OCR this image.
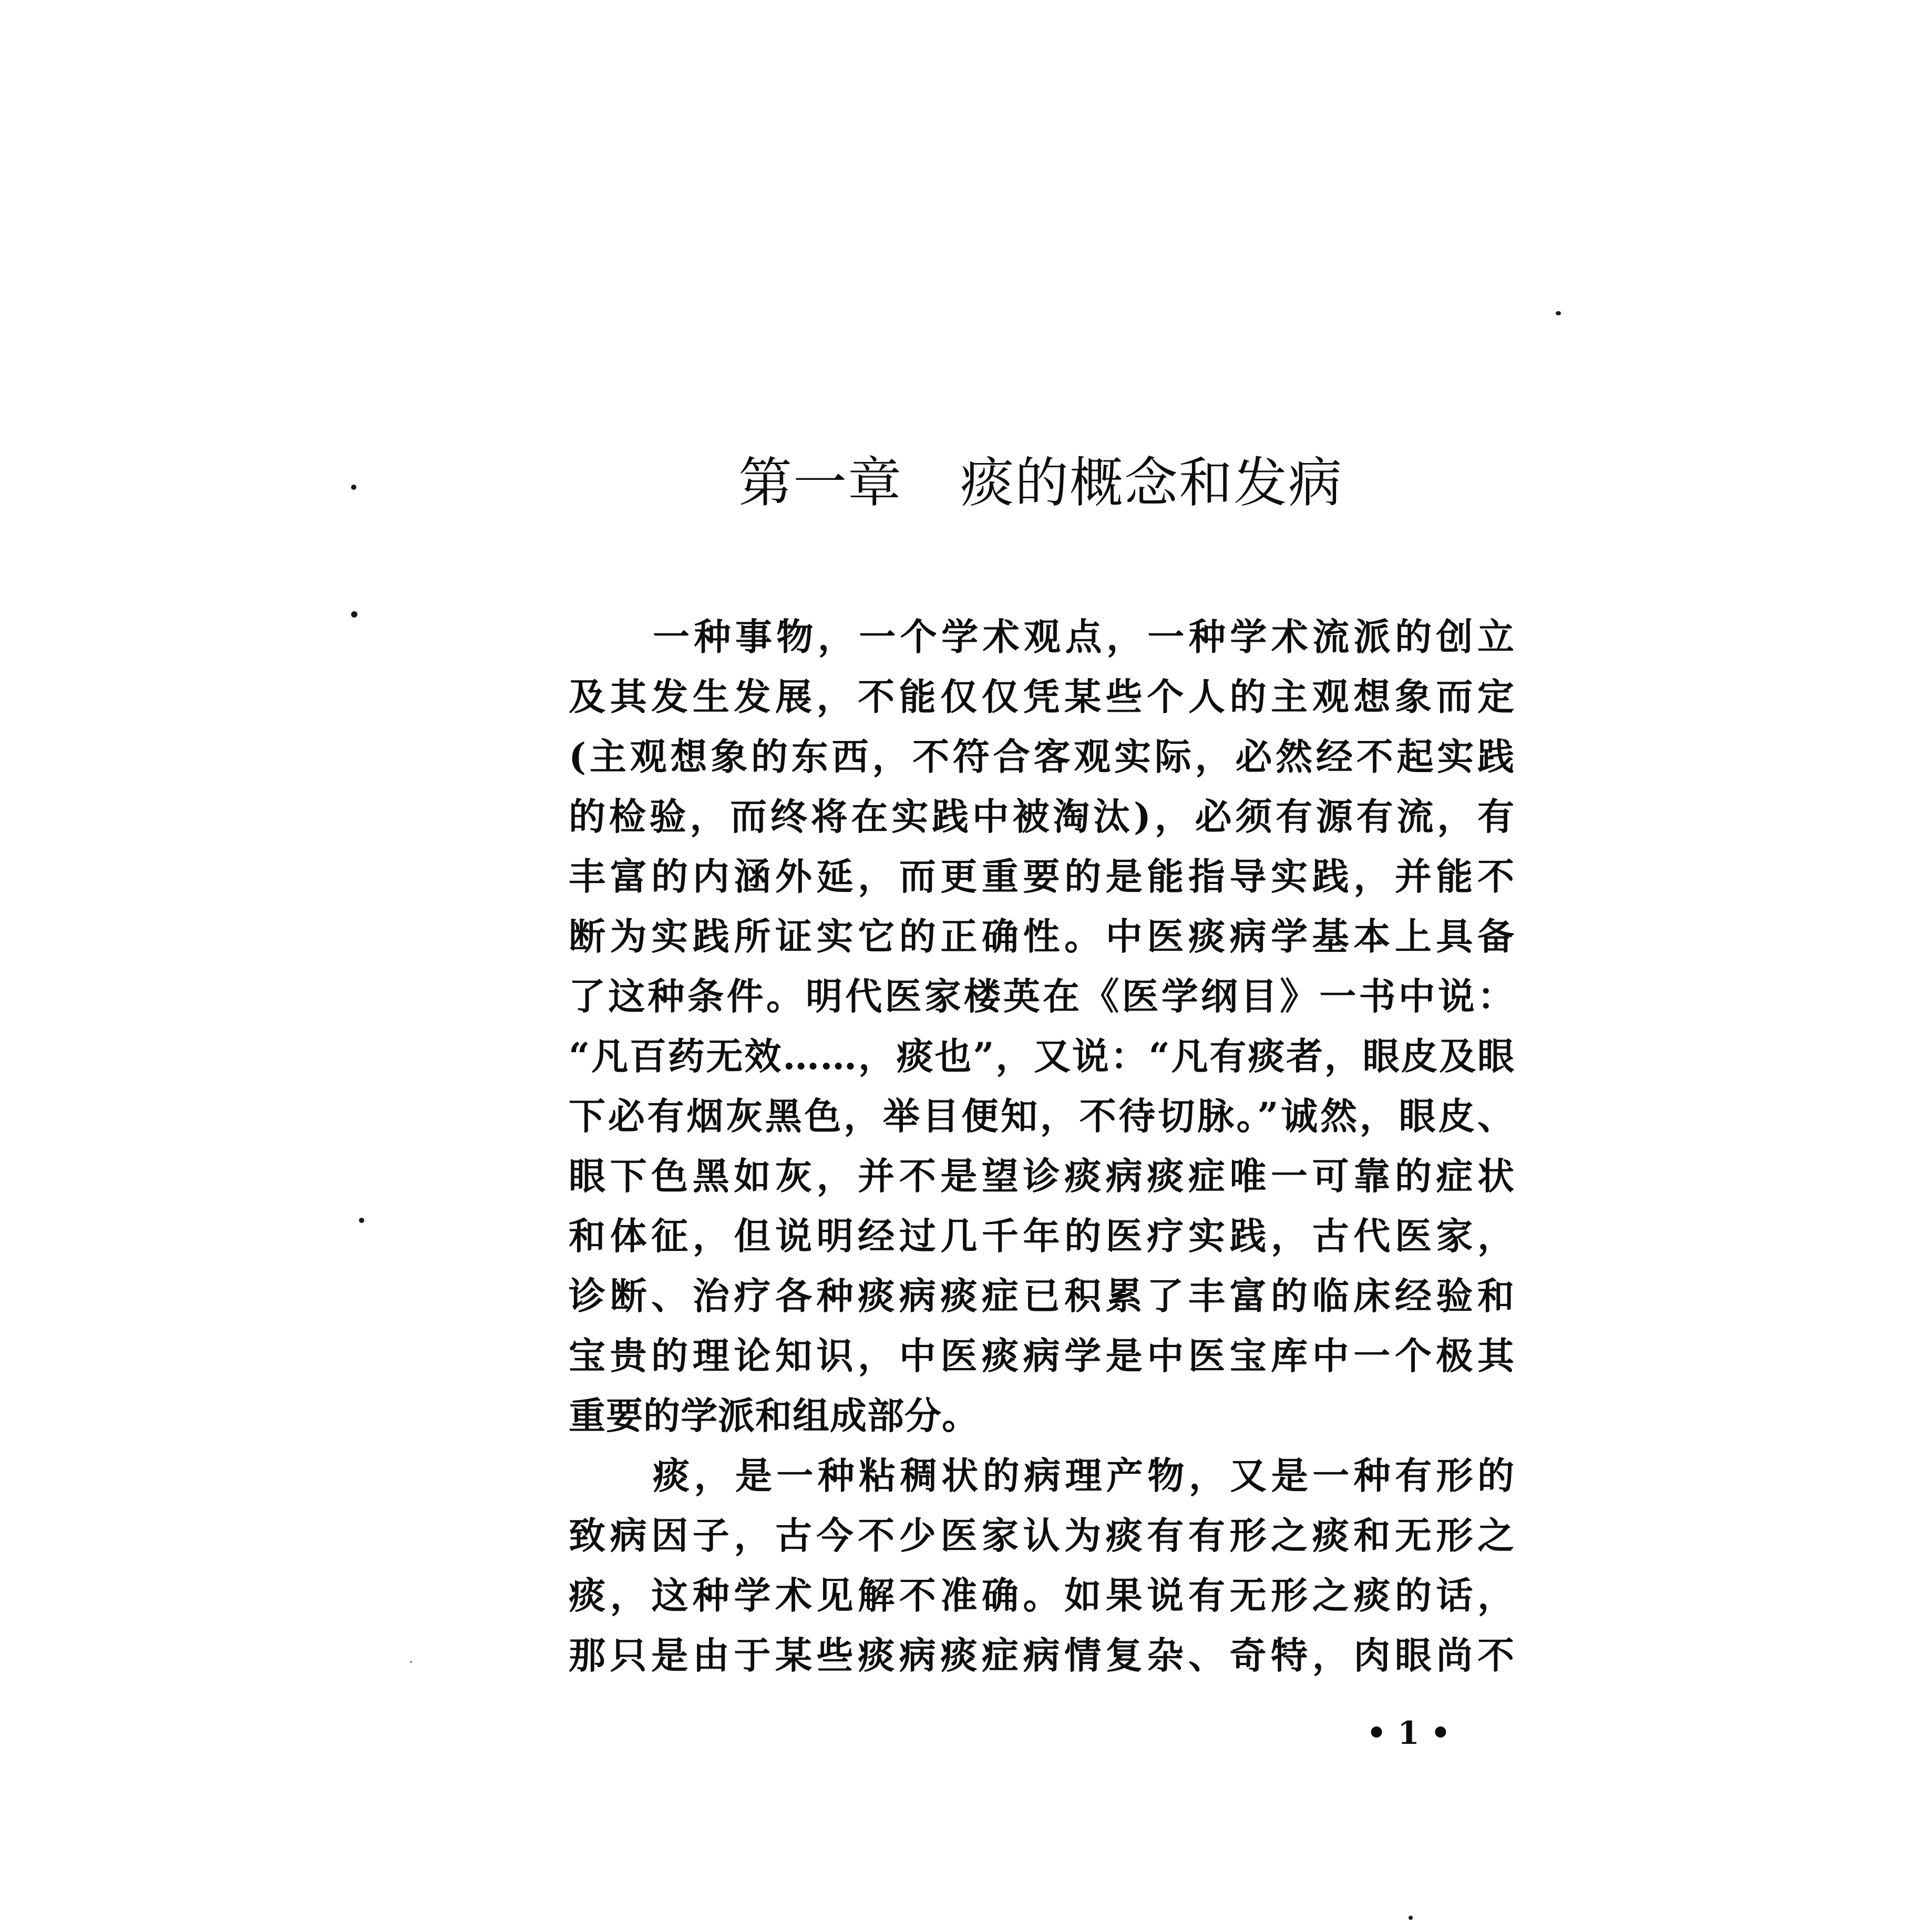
第一章 痰的概念和发病
一种事物，一个学术观点，一种学术流派的创立
及其发生发展，不能仅仅凭某些个人的主观想象而定
(主观想象的东西，不符合客观实际，必然经不起实践
的检验，而终将在实践中被淘汰)，必须有源有流，有
丰富的内涵外延，而更重要的是能指导实践，并能不
断为实践所证实它的正确性。中医痰病学基本上具备
了这种条件。明代医家楼英在《医学纲目》一书中说：
“凡百药无效……，痰也”，又说：“凡有痰者，眼皮及眼
下必有烟灰黑色，举目便知，不待切脉。”诚然，眼皮、
眼下色黑如灰，并不是望诊痰病痰症唯一可靠的症状
和体征，但说明经过几千年的医疗实践，古代医家，
诊断、治疗各种痰病痰症已积累了丰富的临床经验和
宝贵的理论知识，中医痰病学是中医宝库中一个极其
重要的学派和组成部分。
痰，是一种粘稠状的病理产物，又是一种有形的
致病因子，古今不少医家认为痰有有形之痰和无形之
痰，这种学术见解不准确。如果说有无形之痰的话，
那只是由于某些痰病痰症病情复杂、奇特，肉眼尚不
• 1 •
